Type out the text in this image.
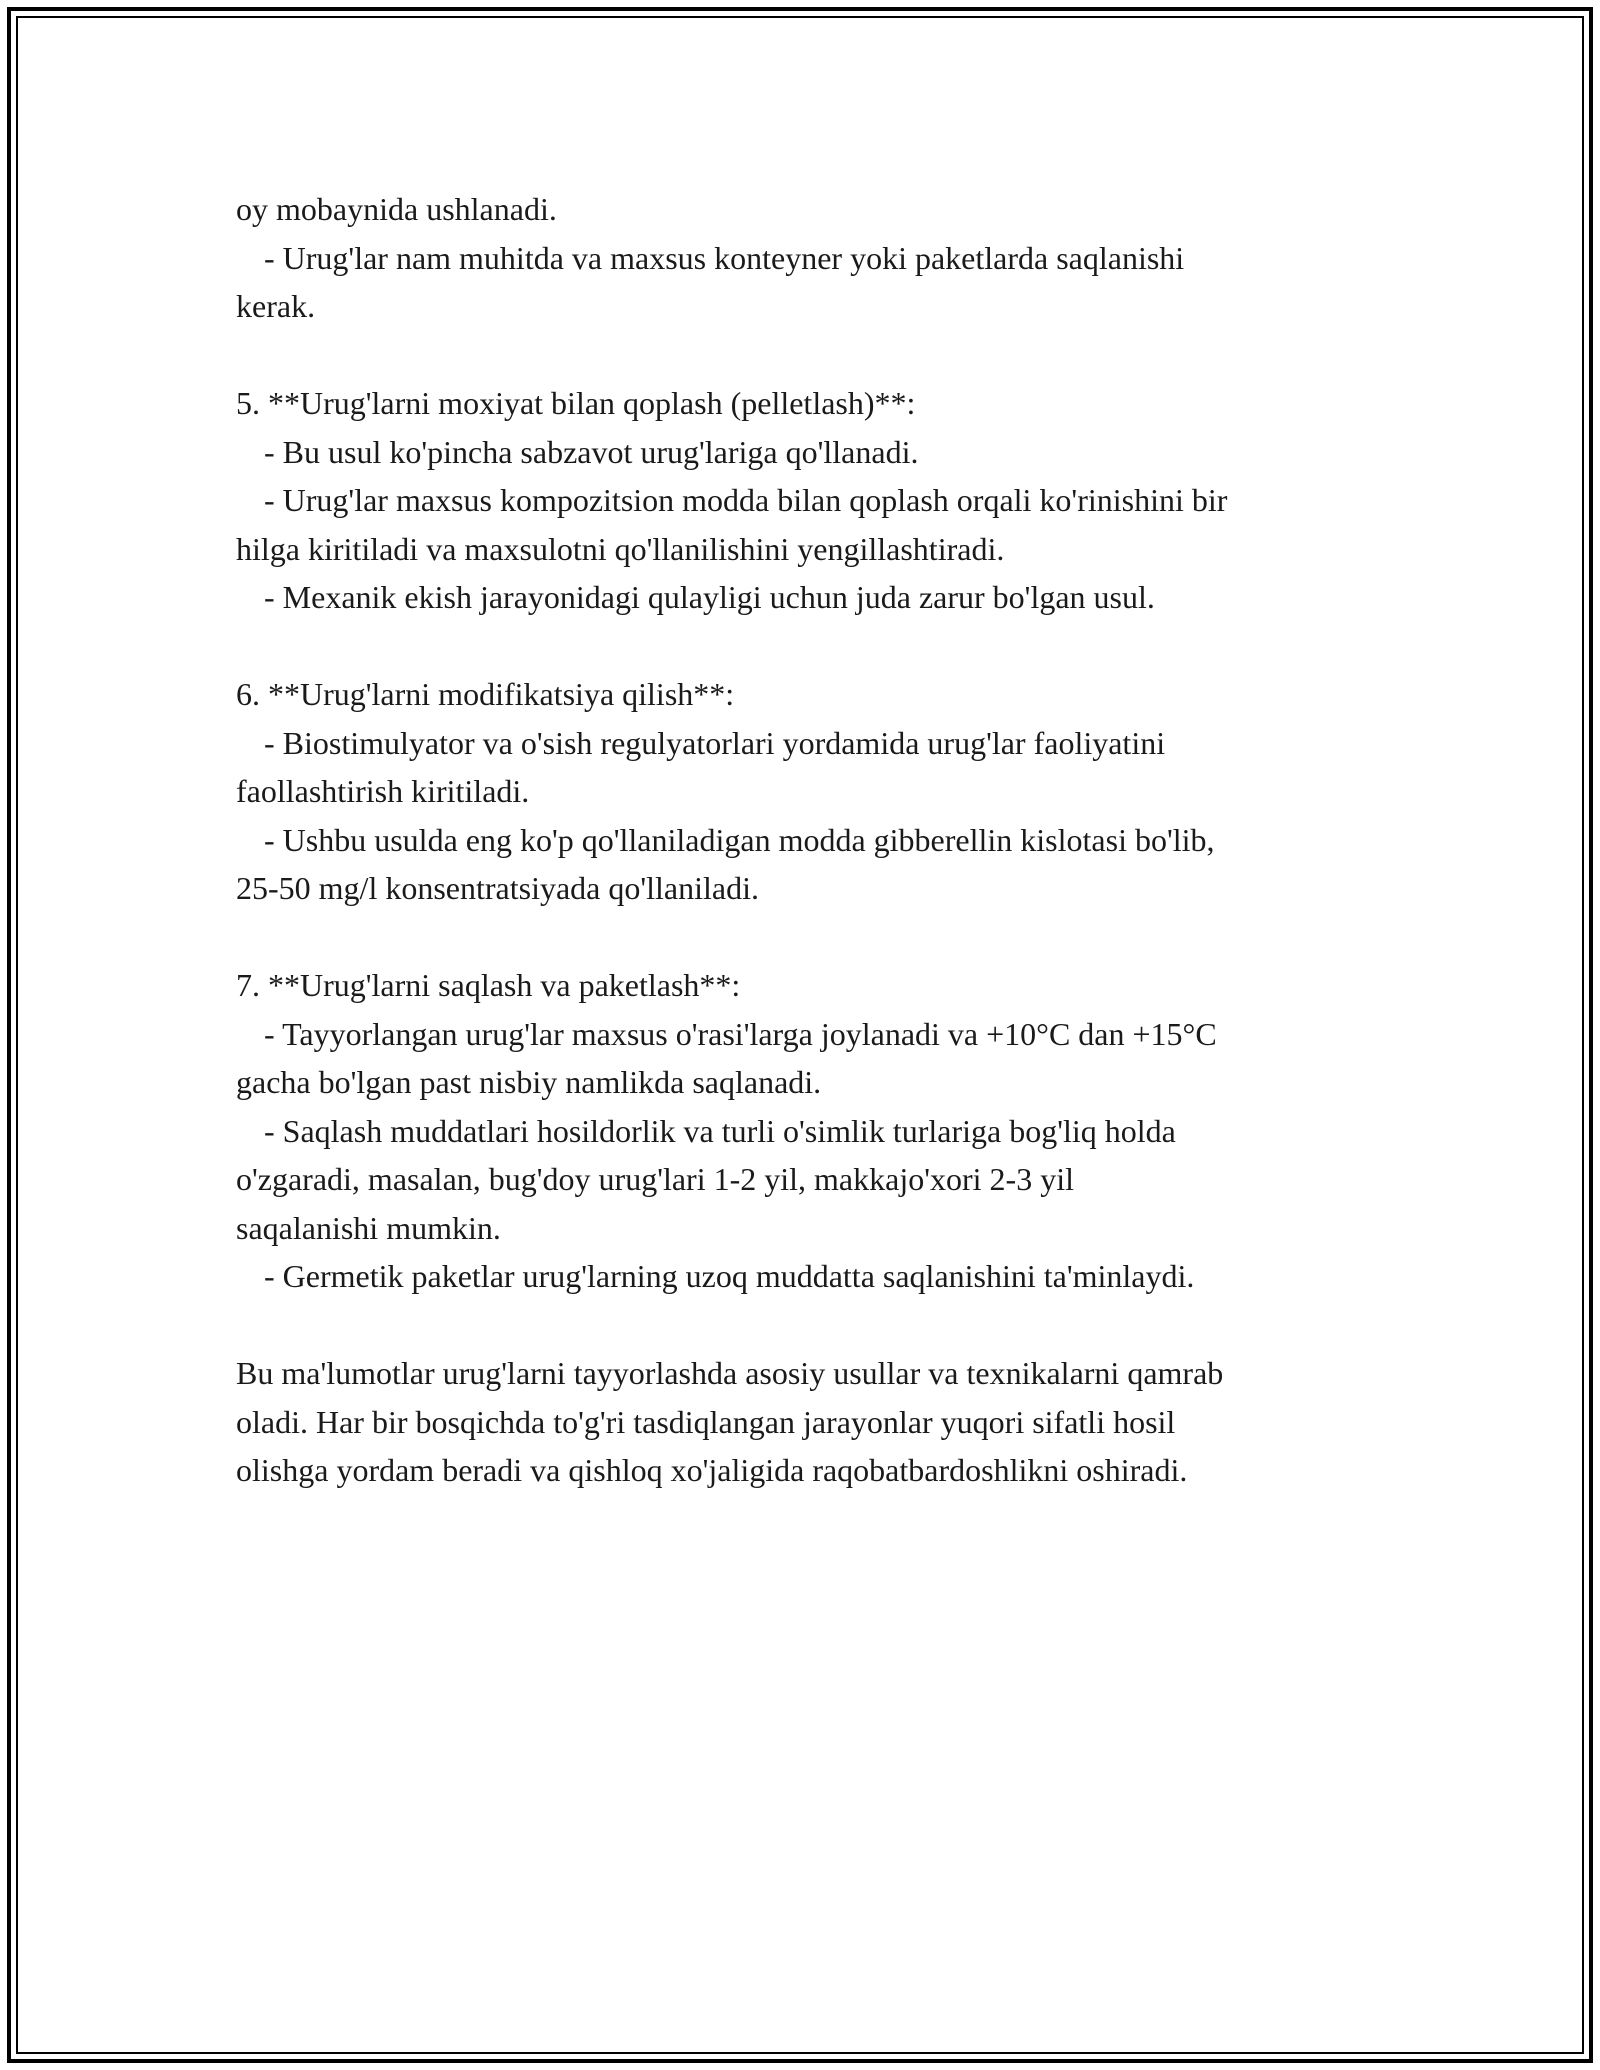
oy mobaynida ushlanadi.
- Urug'lar nam muhitda va maxsus konteyner yoki paketlarda saqlanishi
kerak.
5. **Urug'larni moxiyat bilan qoplash (pelletlash)**:
- Bu usul ko'pincha sabzavot urug'lariga qo'llanadi.
- Urug'lar maxsus kompozitsion modda bilan qoplash orqali ko'rinishini bir
hilga kiritiladi va maxsulotni qo'llanilishini yengillashtiradi.
- Mexanik ekish jarayonidagi qulayligi uchun juda zarur bo'lgan usul.
6. **Urug'larni modifikatsiya qilish**:
- Biostimulyator va o'sish regulyatorlari yordamida urug'lar faoliyatini
faollashtirish kiritiladi.
- Ushbu usulda eng ko'p qo'llaniladigan modda gibberellin kislotasi bo'lib,
25-50 mg/l konsentratsiyada qo'llaniladi.
7. **Urug'larni saqlash va paketlash**:
- Tayyorlangan urug'lar maxsus o'rasi'larga joylanadi va +10°C dan +15°C
gacha bo'lgan past nisbiy namlikda saqlanadi.
- Saqlash muddatlari hosildorlik va turli o'simlik turlariga bog'liq holda
o'zgaradi, masalan, bug'doy urug'lari 1-2 yil, makkajo'xori 2-3 yil
saqalanishi mumkin.
- Germetik paketlar urug'larning uzoq muddatta saqlanishini ta'minlaydi.
Bu ma'lumotlar urug'larni tayyorlashda asosiy usullar va texnikalarni qamrab
oladi. Har bir bosqichda to'g'ri tasdiqlangan jarayonlar yuqori sifatli hosil
olishga yordam beradi va qishloq xo'jaligida raqobatbardoshlikni oshiradi.
